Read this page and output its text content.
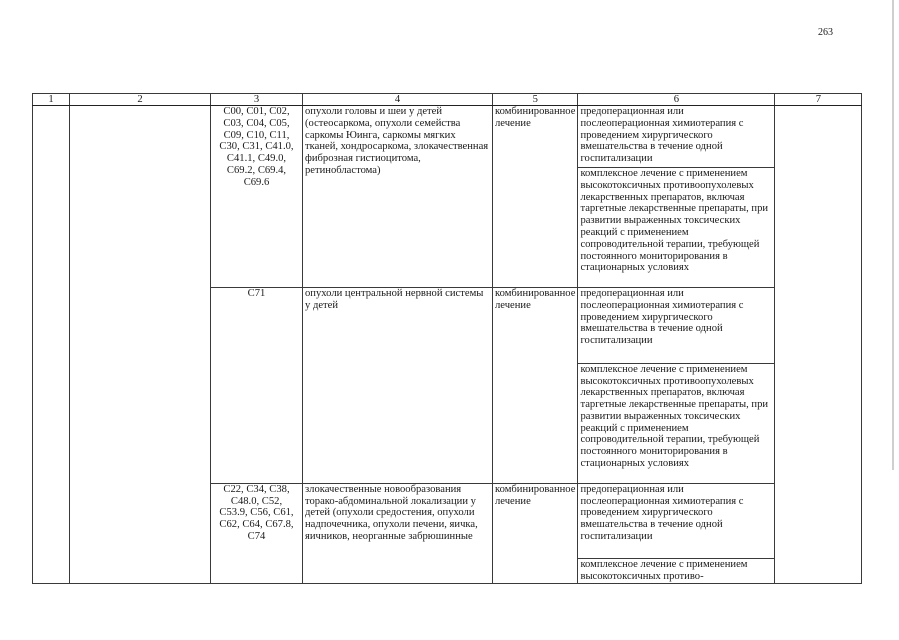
263
1	2	3	4	5	6	7
		C00, C01, C02, C03, C04, C05, C09, C10, C11, C30, C31, C41.0, C41.1, C49.0, C69.2, C69.4, C69.6	опухоли головы и шеи у детей (остеосаркома, опухоли семейства саркомы Юинга, саркомы мягких тканей, хондросаркома, злокачественная фиброзная гистиоцитома, ретинобластома)	комбинированное лечение	предоперационная или послеоперационная химиотерапия с проведением хирургического вмешательства в течение одной госпитализации	
					комплексное лечение с применением высокотоксичных противоопухолевых лекарственных препаратов, включая таргетные лекарственные препараты, при развитии выраженных токсических реакций с применением сопроводительной терапии, требующей постоянного мониторирования в стационарных условиях	
		C71	опухоли центральной нервной системы у детей	комбинированное лечение	предоперационная или послеоперационная химиотерапия с проведением хирургического вмешательства в течение одной госпитализации	
					комплексное лечение с применением высокотоксичных противоопухолевых лекарственных препаратов, включая таргетные лекарственные препараты, при развитии выраженных токсических реакций с применением сопроводительной терапии, требующей постоянного мониторирования в стационарных условиях	
		C22, C34, C38, C48.0, C52, C53.9, C56, C61, C62, C64, C67.8, C74	злокачественные новообразования торако-абдоминальной локализации у детей (опухоли средостения, опухоли надпочечника, опухоли печени, яичка, яичников, неорганные забрюшинные	комбинированное лечение	предоперационная или послеоперационная химиотерапия с проведением хирургического вмешательства в течение одной госпитализации	
					комплексное лечение с применением высокотоксичных противо-	
